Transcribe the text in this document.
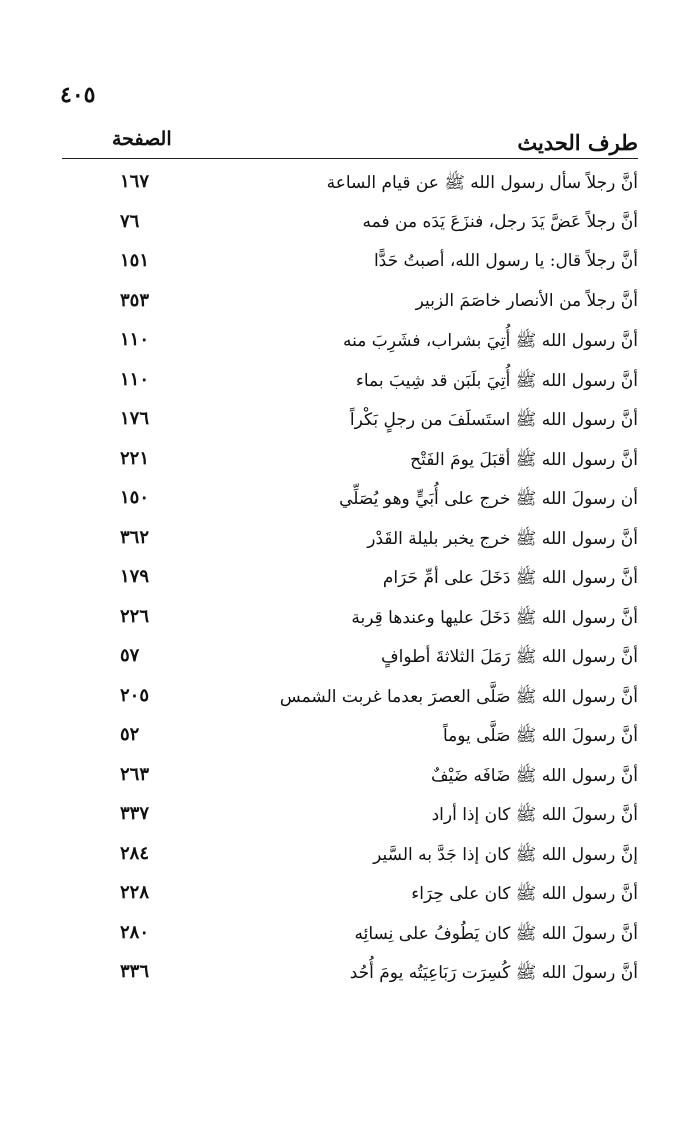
٤٠٥
طرف الحديث
الصفحة
أنَّ رجلاً سأل رسول الله ﷺ عن قيام الساعة
١٦٧
أنَّ رجلاً عَضَّ يَدَ رجل، فنزَعَ يَدَه من فمه
٧٦
أنَّ رجلاً قال: يا رسول الله، أصبتُ حَدًّا
١٥١
أنَّ رجلاً من الأنصار خاصَمَ الزبير
٣٥٣
أنَّ رسول الله ﷺ أُتِيَ بشراب، فشَرِبَ منه
١١٠
أنَّ رسول الله ﷺ أُتِيَ بلَبَن قد شِيبَ بماء
١١٠
أنَّ رسول الله ﷺ استَسلَفَ من رجلٍ بَكْراً
١٧٦
أنَّ رسول الله ﷺ أقبَلَ يومَ الفَتْح
٢٢١
أن رسولَ الله ﷺ خرج على أُبَيٍّ وهو يُصَلِّي
١٥٠
أنَّ رسول الله ﷺ خرج يخبر بليلة القَدْر
٣٦٢
أنَّ رسول الله ﷺ دَخَلَ على أمِّ حَرَام
١٧٩
أنَّ رسول الله ﷺ دَخَلَ عليها وعندها قِربة
٢٢٦
أنَّ رسول الله ﷺ رَمَلَ الثلاثةَ أطوافٍ
٥٧
أنَّ رسول الله ﷺ صَلَّى العصرَ بعدما غربت الشمس
٢٠٥
أنَّ رسولَ الله ﷺ صَلَّى يوماً
٥٢
أنَّ رسول الله ﷺ ضَافَه ضَيْفٌ
٢٦٣
أنَّ رسولَ الله ﷺ كان إذا أراد
٣٣٧
إنَّ رسول الله ﷺ كان إذا جَدَّ به السَّير
٢٨٤
أنَّ رسول الله ﷺ كان على حِرَاء
٢٢٨
أنَّ رسولَ الله ﷺ كان يَطُوفُ على نِسائِه
٢٨٠
أنَّ رسولَ الله ﷺ كُسِرَت رَبَاعِيَتُه يومَ أُحُد
٣٣٦
